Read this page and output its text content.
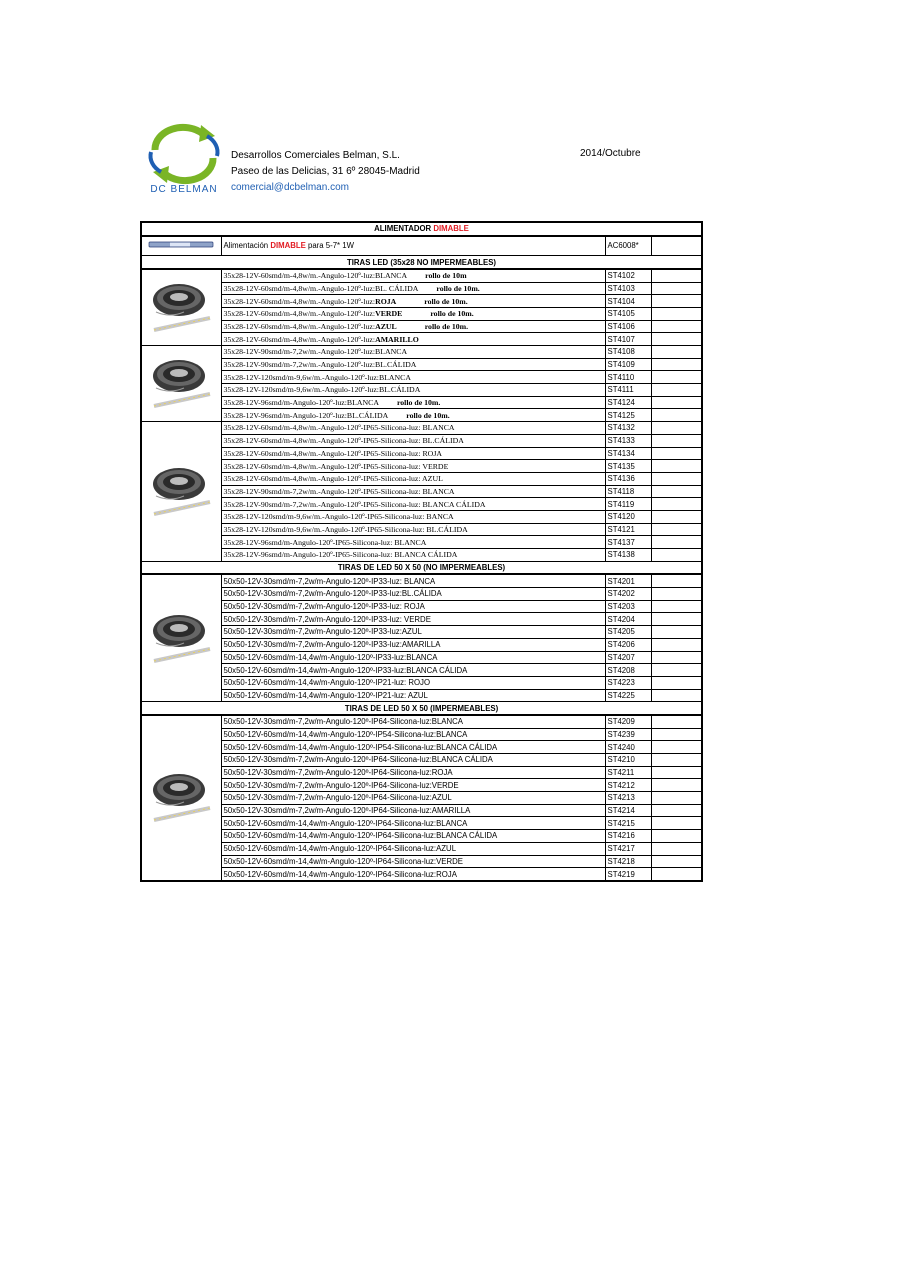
DC BELMAN
Desarrollos Comerciales Belman, S.L.
Paseo de las Delicias, 31 6º 28045-Madrid
comercial@dcbelman.com
2014/Octubre
ALIMENTADOR DIMABLE			
	Alimentación DIMABLE para 5-7* 1W	AC6008*	
TIRAS LED (35x28 NO IMPERMEABLES)			
	35x28-12V-60smd/m-4,8w/m.-Angulo-120º-luz:BLANCA rollo de 10m	ST4102	
	35x28-12V-60smd/m-4,8w/m.-Angulo-120º-luz:BL. CÁLIDA rollo de 10m.	ST4103	
	35x28-12V-60smd/m-4,8w/m.-Angulo-120º-luz:ROJA rollo de 10m.	ST4104	
	35x28-12V-60smd/m-4,8w/m.-Angulo-120º-luz:VERDE rollo de 10m.	ST4105	
	35x28-12V-60smd/m-4,8w/m.-Angulo-120º-luz:AZUL rollo de 10m.	ST4106	
	35x28-12V-60smd/m-4,8w/m.-Angulo-120º-luz:AMARILLO	ST4107	
	35x28-12V-90smd/m-7,2w/m.-Angulo-120º-luz:BLANCA	ST4108	
	35x28-12V-90smd/m-7,2w/m.-Angulo-120º-luz:BL.CÁLIDA	ST4109	
	35x28-12V-120smd/m-9,6w/m.-Angulo-120º-luz:BLANCA	ST4110	
	35x28-12V-120smd/m-9,6w/m.-Angulo-120º-luz:BL.CÁLIDA	ST4111	
	35x28-12V-96smd/m-Angulo-120º-luz:BLANCA rollo de 10m.	ST4124	
	35x28-12V-96smd/m-Angulo-120º-luz:BL.CÁLIDA rollo de 10m.	ST4125	
	35x28-12V-60smd/m-4,8w/m.-Angulo-120º-IP65-Silicona-luz: BLANCA	ST4132	
	35x28-12V-60smd/m-4,8w/m.-Angulo-120º-IP65-Silicona-luz: BL.CÁLIDA	ST4133	
	35x28-12V-60smd/m-4,8w/m.-Angulo-120º-IP65-Silicona-luz: ROJA	ST4134	
	35x28-12V-60smd/m-4,8w/m.-Angulo-120º-IP65-Silicona-luz: VERDE	ST4135	
	35x28-12V-60smd/m-4,8w/m.-Angulo-120º-IP65-Silicona-luz: AZUL	ST4136	
	35x28-12V-90smd/m-7,2w/m.-Angulo-120º-IP65-Silicona-luz: BLANCA	ST4118	
	35x28-12V-90smd/m-7,2w/m.-Angulo-120º-IP65-Silicona-luz: BLANCA CÁLIDA	ST4119	
	35x28-12V-120smd/m-9,6w/m.-Angulo-120º-IP65-Silicona-luz: BANCA	ST4120	
	35x28-12V-120smd/m-9,6w/m.-Angulo-120º-IP65-Silicona-luz: BL.CÁLIDA	ST4121	
	35x28-12V-96smd/m-Angulo-120º-IP65-Silicona-luz: BLANCA	ST4137	
	35x28-12V-96smd/m-Angulo-120º-IP65-Silicona-luz: BLANCA CÁLIDA	ST4138	
TIRAS DE LED 50 X 50 (NO IMPERMEABLES)			
	50x50-12V-30smd/m-7,2w/m-Angulo-120º-IP33-luz: BLANCA	ST4201	
	50x50-12V-30smd/m-7,2w/m-Angulo-120º-IP33-luz:BL.CÁLIDA	ST4202	
	50x50-12V-30smd/m-7,2w/m-Angulo-120º-IP33-luz: ROJA	ST4203	
	50x50-12V-30smd/m-7,2w/m-Angulo-120º-IP33-luz: VERDE	ST4204	
	50x50-12V-30smd/m-7,2w/m-Angulo-120º-IP33-luz:AZUL	ST4205	
	50x50-12V-30smd/m-7,2w/m-Angulo-120º-IP33-luz:AMARILLA	ST4206	
	50x50-12V-60smd/m-14,4w/m-Angulo-120º-IP33-luz:BLANCA	ST4207	
	50x50-12V-60smd/m-14,4w/m-Angulo-120º-IP33-luz:BLANCA CÁLIDA	ST4208	
	50x50-12V-60smd/m-14,4w/m-Angulo-120º-IP21-luz: ROJO	ST4223	
	50x50-12V-60smd/m-14,4w/m-Angulo-120º-IP21-luz: AZUL	ST4225	
TIRAS DE LED 50 X 50 (IMPERMEABLES)			
	50x50-12V-30smd/m-7,2w/m-Angulo-120º-IP64-Silicona-luz:BLANCA	ST4209	
	50x50-12V-60smd/m-14,4w/m-Angulo-120º-IP54-Silicona-luz:BLANCA	ST4239	
	50x50-12V-60smd/m-14,4w/m-Angulo-120º-IP54-Silicona-luz:BLANCA CÁLIDA	ST4240	
	50x50-12V-30smd/m-7,2w/m-Angulo-120º-IP64-Silicona-luz:BLANCA CÁLIDA	ST4210	
	50x50-12V-30smd/m-7,2w/m-Angulo-120º-IP64-Silicona-luz:ROJA	ST4211	
	50x50-12V-30smd/m-7,2w/m-Angulo-120º-IP64-Silicona-luz:VERDE	ST4212	
	50x50-12V-30smd/m-7,2w/m-Angulo-120º-IP64-Silicona-luz:AZUL	ST4213	
	50x50-12V-30smd/m-7,2w/m-Angulo-120º-IP64-Silicona-luz:AMARILLA	ST4214	
	50x50-12V-60smd/m-14,4w/m-Angulo-120º-IP64-Silicona-luz:BLANCA	ST4215	
	50x50-12V-60smd/m-14,4w/m-Angulo-120º-IP64-Silicona-luz:BLANCA CÁLIDA	ST4216	
	50x50-12V-60smd/m-14,4w/m-Angulo-120º-IP64-Silicona-luz:AZUL	ST4217	
	50x50-12V-60smd/m-14,4w/m-Angulo-120º-IP64-Silicona-luz:VERDE	ST4218	
	50x50-12V-60smd/m-14,4w/m-Angulo-120º-IP64-Silicona-luz:ROJA	ST4219	
